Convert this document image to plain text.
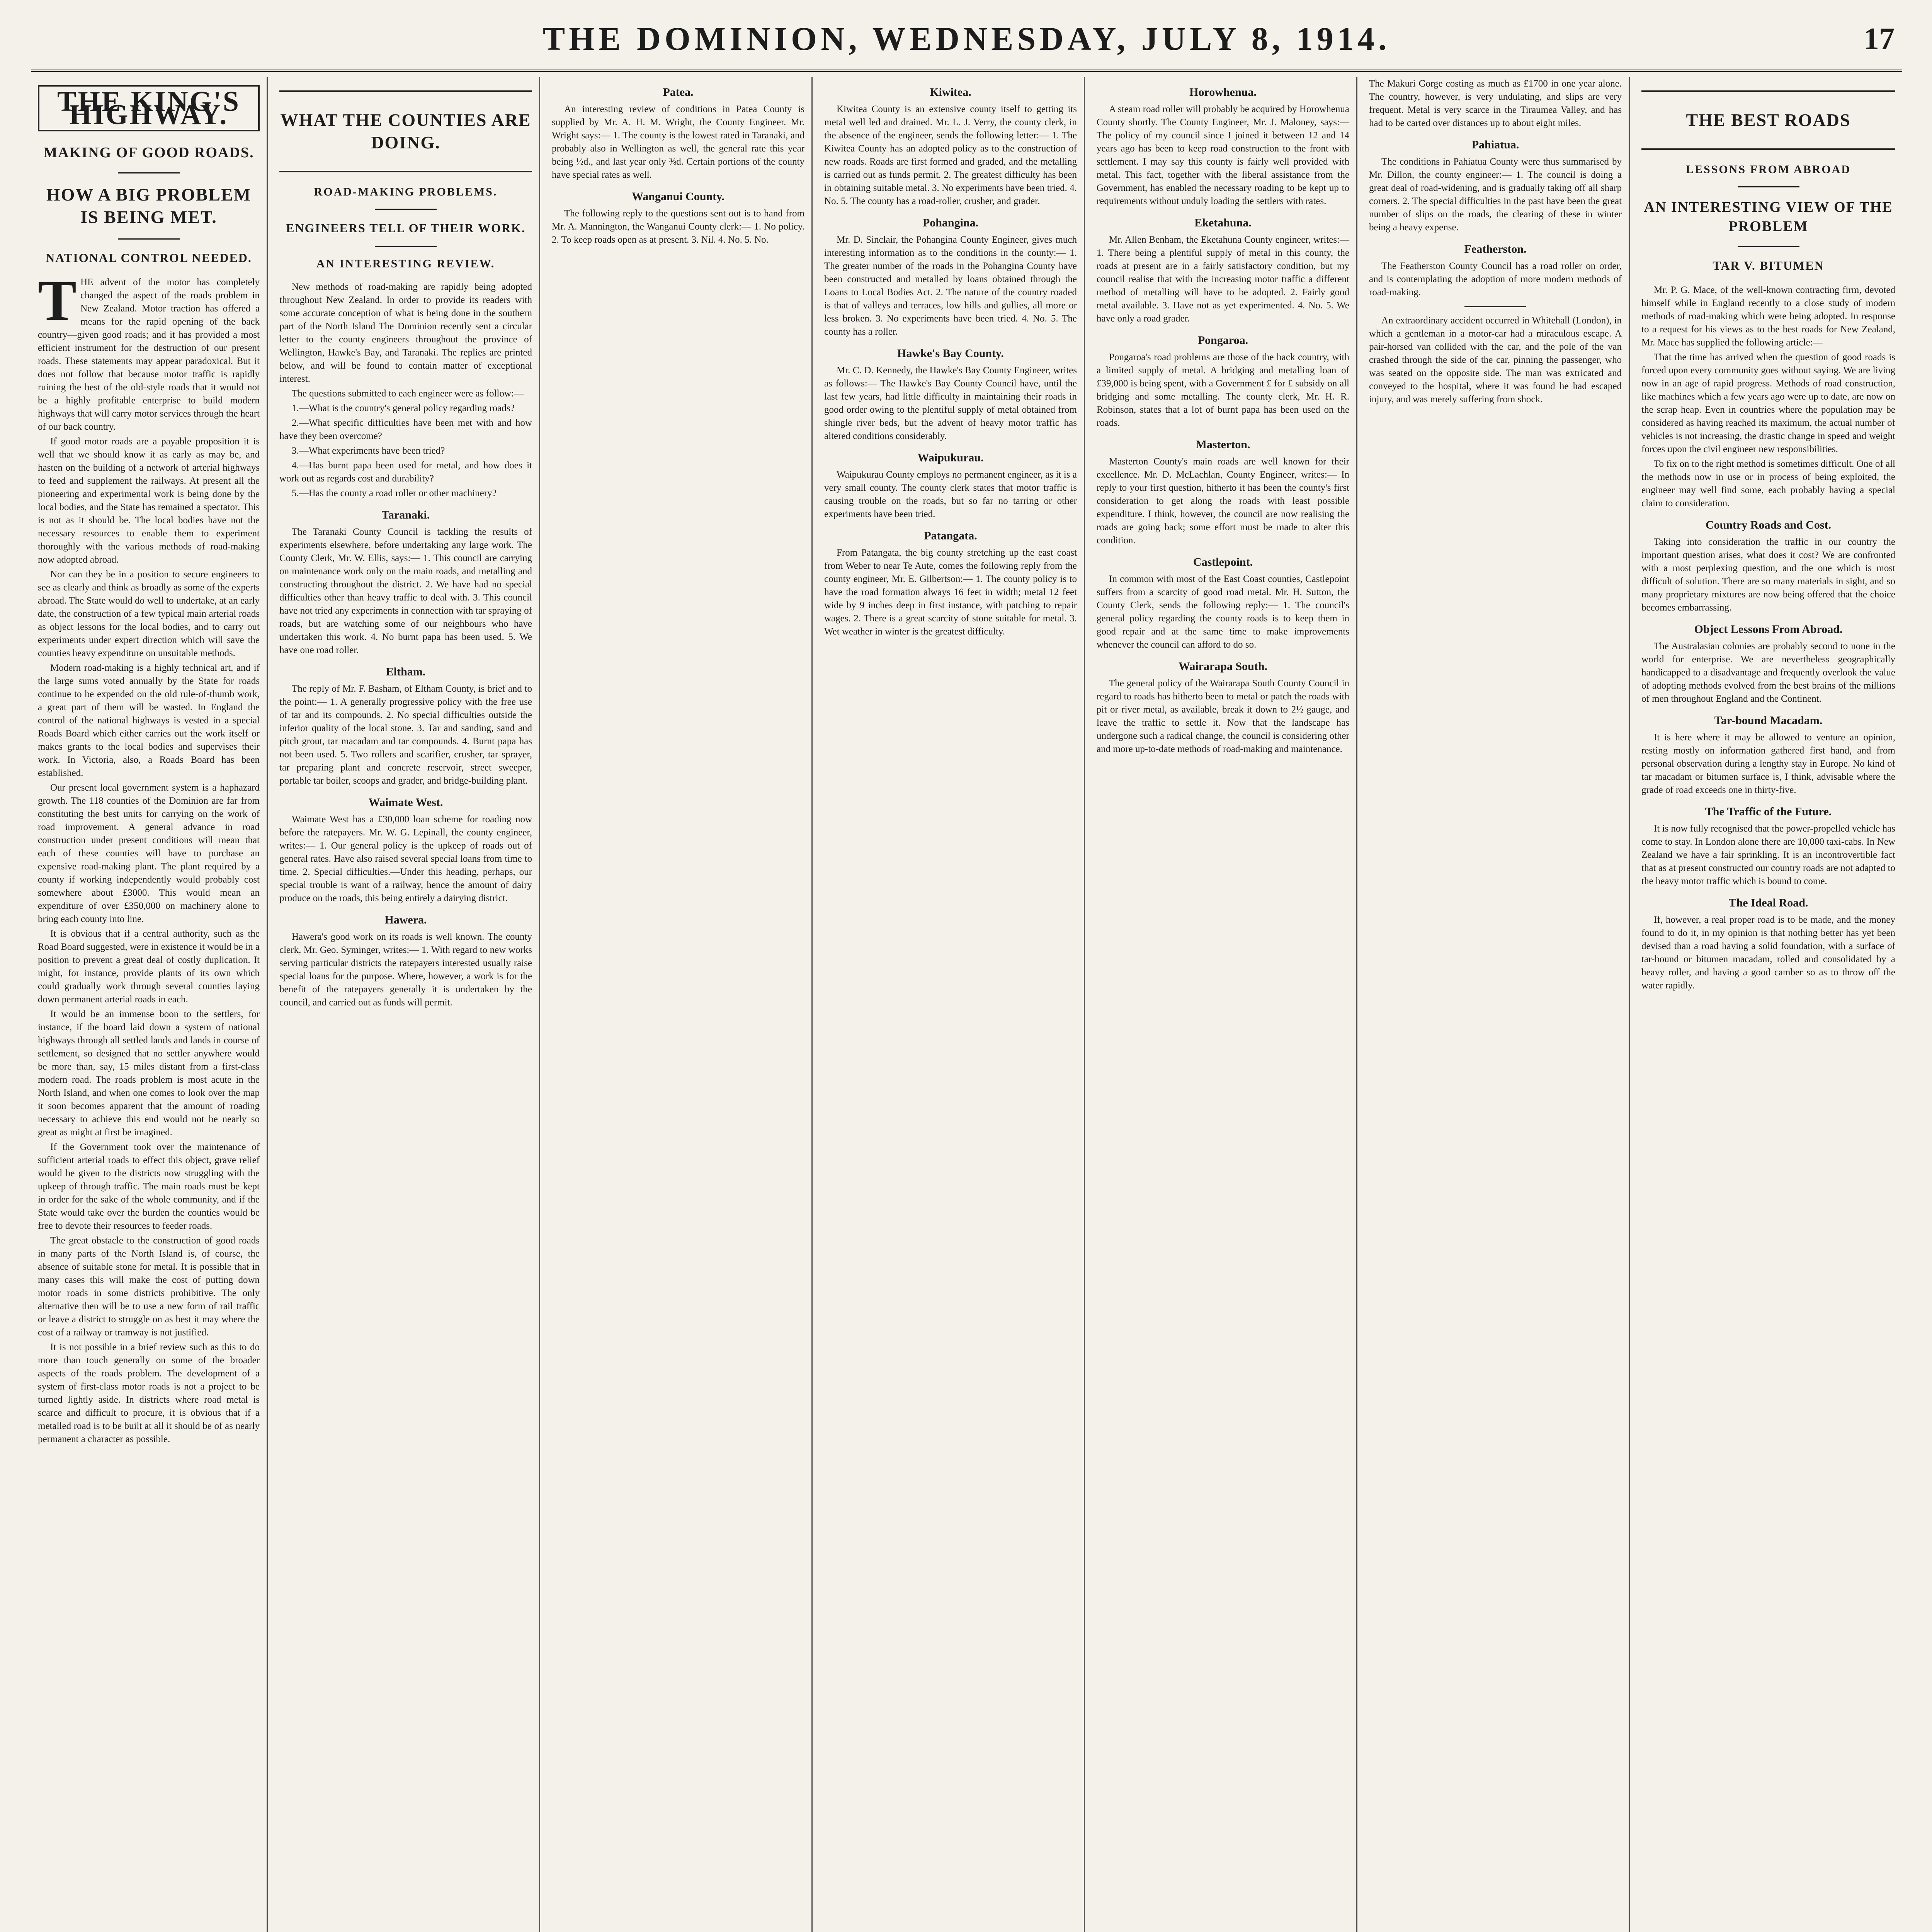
THE DOMINION, WEDNESDAY, JULY 8, 1914.	17
THE KING'S HIGHWAY.
MAKING OF GOOD ROADS.
HOW A BIG PROBLEM IS BEING MET.
NATIONAL CONTROL NEEDED.

THE advent of the motor has completely changed the aspect of the roads problem in New Zealand. Motor traction has offered a means for the rapid opening of the back country—given good roads; and it has provided a most efficient instrument for the destruction of our present roads. These statements may appear paradoxical. But it does not follow that because motor traffic is rapidly ruining the best of the old-style roads that it would not be a highly profitable enterprise to build modern highways that will carry motor services through the heart of our back country.

If good motor roads are a payable proposition it is well that we should know it as early as may be, and hasten on the building of a network of arterial highways to feed and supplement the railways. At present all the pioneering and experimental work is being done by the local bodies, and the State has remained a spectator. This is not as it should be. The local bodies have not the necessary resources to enable them to experiment thoroughly with the various methods of road-making now adopted abroad.

Nor can they be in a position to secure engineers to see as clearly and think as broadly as some of the experts abroad. The State would do well to undertake, at an early date, the construction of a few typical main arterial roads as object lessons for the local bodies, and to carry out experiments under expert direction which will save the counties heavy expenditure on unsuitable methods.

Modern road-making is a highly technical art, and if the large sums voted annually by the State for roads continue to be expended on the old rule-of-thumb work, a great part of them will be wasted. In England the control of the national highways is vested in a special Roads Board which either carries out the work itself or makes grants to the local bodies and supervises their work. In Victoria, also, a Roads Board has been established.

Our present local government system is a haphazard growth. The 118 counties of the Dominion are far from constituting the best units for carrying on the work of road improvement. A general advance in road construction under present conditions will mean that each of these counties will have to purchase an expensive road-making plant. The plant required by a county if working independently would probably cost somewhere about £3000. This would mean an expenditure of over £350,000 on machinery alone to bring each county into line.

It is obvious that if a central authority, such as the Road Board suggested, were in existence it would be in a position to prevent a great deal of costly duplication. It might, for instance, provide plants of its own which could gradually work through several counties laying down permanent arterial roads in each.

It would be an immense boon to the settlers, for instance, if the board laid down a system of national highways through all settled lands and lands in course of settlement, so designed that no settler anywhere would be more than, say, 15 miles distant from a first-class modern road. The roads problem is most acute in the North Island, and when one comes to look over the map it soon becomes apparent that the amount of roading necessary to achieve this end would not be nearly so great as might at first be imagined.

If the Government took over the maintenance of sufficient arterial roads to effect this object, grave relief would be given to the districts now struggling with the upkeep of through traffic. The main roads must be kept in order for the sake of the whole community, and if the State would take over the burden the counties would be free to devote their resources to feeder roads.

The great obstacle to the construction of good roads in many parts of the North Island is, of course, the absence of suitable stone for metal. It is possible that in many cases this will make the cost of putting down motor roads in some districts prohibitive. The only alternative then will be to use a new form of rail traffic or leave a district to struggle on as best it may where the cost of a railway or tramway is not justified.

It is not possible in a brief review such as this to do more than touch generally on some of the broader aspects of the roads problem. The development of a system of first-class motor roads is not a project to be turned lightly aside. In districts where road metal is scarce and difficult to procure, it is obvious that if a metalled road is to be built at all it should be of as nearly permanent a character as possible.

WHAT THE COUNTIES ARE DOING.
ROAD-MAKING PROBLEMS.
ENGINEERS TELL OF THEIR WORK.
AN INTERESTING REVIEW.

New methods of road-making are rapidly being adopted throughout New Zealand. In order to provide its readers with some accurate conception of what is being done in the southern part of the North Island The Dominion recently sent a circular letter to the county engineers throughout the province of Wellington, Hawke's Bay, and Taranaki. The replies are printed below, and will be found to contain matter of exceptional interest.

The questions submitted to each engineer were as follow:—

1.—What is the country's general policy regarding roads?

2.—What specific difficulties have been met with and how have they been overcome?

3.—What experiments have been tried?

4.—Has burnt papa been used for metal, and how does it work out as regards cost and durability?

5.—Has the county a road roller or other machinery?

Taranaki.

The Taranaki County Council is tackling the results of experiments elsewhere, before undertaking any large work. The County Clerk, Mr. W. Ellis, says:— 1. This council are carrying on maintenance work only on the main roads, and metalling and constructing throughout the district. 2. We have had no special difficulties other than heavy traffic to deal with. 3. This council have not tried any experiments in connection with tar spraying of roads, but are watching some of our neighbours who have undertaken this work. 4. No burnt papa has been used. 5. We have one road roller.

Eltham.

The reply of Mr. F. Basham, of Eltham County, is brief and to the point:— 1. A generally progressive policy with the free use of tar and its compounds. 2. No special difficulties outside the inferior quality of the local stone. 3. Tar and sanding, sand and pitch grout, tar macadam and tar compounds. 4. Burnt papa has not been used. 5. Two rollers and scarifier, crusher, tar sprayer, tar preparing plant and concrete reservoir, street sweeper, portable tar boiler, scoops and grader, and bridge-building plant.

Waimate West.

Waimate West has a £30,000 loan scheme for roading now before the ratepayers. Mr. W. G. Lepinall, the county engineer, writes:— 1. Our general policy is the upkeep of roads out of general rates. Have also raised several special loans from time to time. 2. Special difficulties.—Under this heading, perhaps, our special trouble is want of a railway, hence the amount of dairy produce on the roads, this being entirely a dairying district.

Hawera.

Hawera's good work on its roads is well known. The county clerk, Mr. Geo. Syminger, writes:— 1. With regard to new works serving particular districts the ratepayers interested usually raise special loans for the purpose. Where, however, a work is for the benefit of the ratepayers generally it is undertaken by the council, and carried out as funds will permit.

Patea.

An interesting review of conditions in Patea County is supplied by Mr. A. H. M. Wright, the County Engineer. Mr. Wright says:— 1. The county is the lowest rated in Taranaki, and probably also in Wellington as well, the general rate this year being ½d., and last year only ⅜d. Certain portions of the county have special rates as well.

Wanganui County.

The following reply to the questions sent out is to hand from Mr. A. Mannington, the Wanganui County clerk:— 1. No policy. 2. To keep roads open as at present. 3. Nil. 4. No. 5. No.

Kiwitea.

Kiwitea County is an extensive county itself to getting its metal well led and drained. Mr. L. J. Verry, the county clerk, in the absence of the engineer, sends the following letter:— 1. The Kiwitea County has an adopted policy as to the construction of new roads. Roads are first formed and graded, and the metalling is carried out as funds permit. 2. The greatest difficulty has been in obtaining suitable metal. 3. No experiments have been tried. 4. No. 5. The county has a road-roller, crusher, and grader.

Pohangina.

Mr. D. Sinclair, the Pohangina County Engineer, gives much interesting information as to the conditions in the county:— 1. The greater number of the roads in the Pohangina County have been constructed and metalled by loans obtained through the Loans to Local Bodies Act. 2. The nature of the country roaded is that of valleys and terraces, low hills and gullies, all more or less broken. 3. No experiments have been tried. 4. No. 5. The county has a roller.

Hawke's Bay County.

Mr. C. D. Kennedy, the Hawke's Bay County Engineer, writes as follows:— The Hawke's Bay County Council have, until the last few years, had little difficulty in maintaining their roads in good order owing to the plentiful supply of metal obtained from shingle river beds, but the advent of heavy motor traffic has altered conditions considerably.

Waipukurau.

Waipukurau County employs no permanent engineer, as it is a very small county. The county clerk states that motor traffic is causing trouble on the roads, but so far no tarring or other experiments have been tried.

Patangata.

From Patangata, the big county stretching up the east coast from Weber to near Te Aute, comes the following reply from the county engineer, Mr. E. Gilbertson:— 1. The county policy is to have the road formation always 16 feet in width; metal 12 feet wide by 9 inches deep in first instance, with patching to repair wages. 2. There is a great scarcity of stone suitable for metal. 3. Wet weather in winter is the greatest difficulty.

Horowhenua.

A steam road roller will probably be acquired by Horowhenua County shortly. The County Engineer, Mr. J. Maloney, says:— The policy of my council since I joined it between 12 and 14 years ago has been to keep road construction to the front with settlement. I may say this county is fairly well provided with metal. This fact, together with the liberal assistance from the Government, has enabled the necessary roading to be kept up to requirements without unduly loading the settlers with rates.

Eketahuna.

Mr. Allen Benham, the Eketahuna County engineer, writes:— 1. There being a plentiful supply of metal in this county, the roads at present are in a fairly satisfactory condition, but my council realise that with the increasing motor traffic a different method of metalling will have to be adopted. 2. Fairly good metal available. 3. Have not as yet experimented. 4. No. 5. We have only a road grader.

Pongaroa.

Pongaroa's road problems are those of the back country, with a limited supply of metal. A bridging and metalling loan of £39,000 is being spent, with a Government £ for £ subsidy on all bridging and some metalling. The county clerk, Mr. H. R. Robinson, states that a lot of burnt papa has been used on the roads.

Masterton.

Masterton County's main roads are well known for their excellence. Mr. D. McLachlan, County Engineer, writes:— In reply to your first question, hitherto it has been the county's first consideration to get along the roads with least possible expenditure. I think, however, the council are now realising the roads are going back; some effort must be made to alter this condition.

Castlepoint.

In common with most of the East Coast counties, Castlepoint suffers from a scarcity of good road metal. Mr. H. Sutton, the County Clerk, sends the following reply:— 1. The council's general policy regarding the county roads is to keep them in good repair and at the same time to make improvements whenever the council can afford to do so.

Wairarapa South.

The general policy of the Wairarapa South County Council in regard to roads has hitherto been to metal or patch the roads with pit or river metal, as available, break it down to 2½ gauge, and leave the traffic to settle it. Now that the landscape has undergone such a radical change, the council is considering other and more up-to-date methods of road-making and maintenance.

The Makuri Gorge costing as much as £1700 in one year alone. The country, however, is very undulating, and slips are very frequent. Metal is very scarce in the Tiraumea Valley, and has had to be carted over distances up to about eight miles.

Pahiatua.

The conditions in Pahiatua County were thus summarised by Mr. Dillon, the county engineer:— 1. The council is doing a great deal of road-widening, and is gradually taking off all sharp corners. 2. The special difficulties in the past have been the great number of slips on the roads, the clearing of these in winter being a heavy expense.

Featherston.

The Featherston County Council has a road roller on order, and is contemplating the adoption of more modern methods of road-making.

An extraordinary accident occurred in Whitehall (London), in which a gentleman in a motor-car had a miraculous escape. A pair-horsed van collided with the car, and the pole of the van crashed through the side of the car, pinning the passenger, who was seated on the opposite side. The man was extricated and conveyed to the hospital, where it was found he had escaped injury, and was merely suffering from shock.

THE BEST ROADS
LESSONS FROM ABROAD
AN INTERESTING VIEW OF THE PROBLEM
TAR V. BITUMEN

Mr. P. G. Mace, of the well-known contracting firm, devoted himself while in England recently to a close study of modern methods of road-making which were being adopted. In response to a request for his views as to the best roads for New Zealand, Mr. Mace has supplied the following article:—

That the time has arrived when the question of good roads is forced upon every community goes without saying. We are living now in an age of rapid progress. Methods of road construction, like machines which a few years ago were up to date, are now on the scrap heap. Even in countries where the population may be considered as having reached its maximum, the actual number of vehicles is not increasing, the drastic change in speed and weight forces upon the civil engineer new responsibilities.

To fix on to the right method is sometimes difficult. One of all the methods now in use or in process of being exploited, the engineer may well find some, each probably having a special claim to consideration.

Country Roads and Cost.

Taking into consideration the traffic in our country the important question arises, what does it cost? We are confronted with a most perplexing question, and the one which is most difficult of solution. There are so many materials in sight, and so many proprietary mixtures are now being offered that the choice becomes embarrassing.

Object Lessons From Abroad.

The Australasian colonies are probably second to none in the world for enterprise. We are nevertheless geographically handicapped to a disadvantage and frequently overlook the value of adopting methods evolved from the best brains of the millions of men throughout England and the Continent.

Tar-bound Macadam.

It is here where it may be allowed to venture an opinion, resting mostly on information gathered first hand, and from personal observation during a lengthy stay in Europe. No kind of tar macadam or bitumen surface is, I think, advisable where the grade of road exceeds one in thirty-five.

The Traffic of the Future.

It is now fully recognised that the power-propelled vehicle has come to stay. In London alone there are 10,000 taxi-cabs. In New Zealand we have a fair sprinkling. It is an incontrovertible fact that as at present constructed our country roads are not adapted to the heavy motor traffic which is bound to come.

The Ideal Road.

If, however, a real proper road is to be made, and the money found to do it, in my opinion is that nothing better has yet been devised than a road having a solid foundation, with a surface of tar-bound or bitumen macadam, rolled and consolidated by a heavy roller, and having a good camber so as to throw off the water rapidly.
